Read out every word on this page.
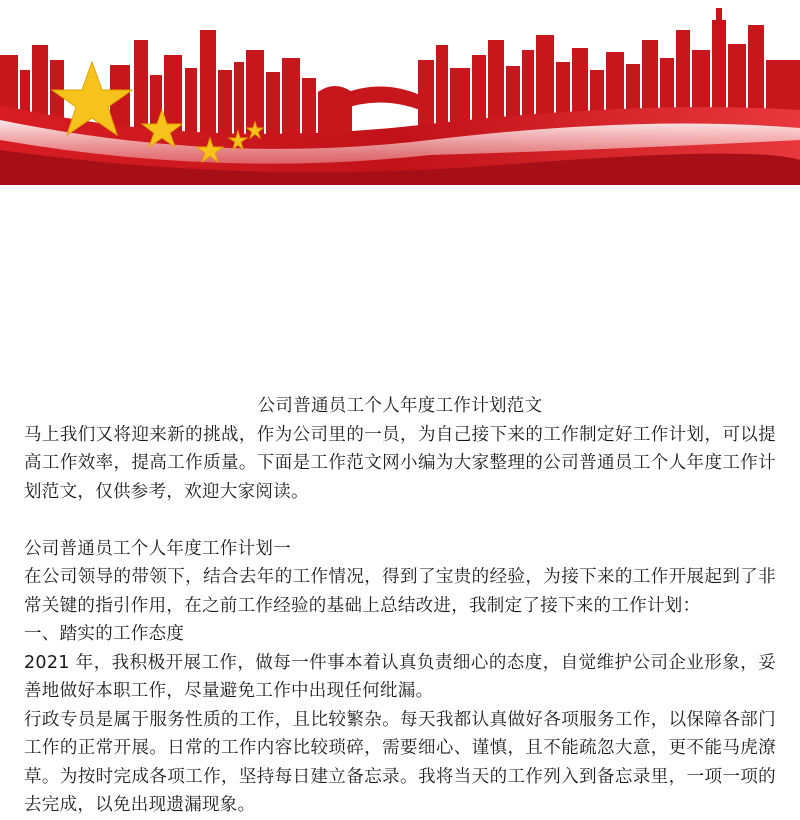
公司普通员工个人年度工作计划范文

马上我们又将迎来新的挑战，作为公司里的一员，为自己接下来的工作制定好工作计划，可以提高工作效率，提高工作质量。下面是工作范文网小编为大家整理的公司普通员工个人年度工作计划范文，仅供参考，欢迎大家阅读。

公司普通员工个人年度工作计划一

在公司领导的带领下，结合去年的工作情况，得到了宝贵的经验，为接下来的工作开展起到了非常关键的指引作用，在之前工作经验的基础上总结改进，我制定了接下来的工作计划：

一、踏实的工作态度

2021 年，我积极开展工作，做每一件事本着认真负责细心的态度，自觉维护公司企业形象，妥善地做好本职工作，尽量避免工作中出现任何纰漏。

行政专员是属于服务性质的工作，且比较繁杂。每天我都认真做好各项服务工作，以保障各部门工作的正常开展。日常的工作内容比较琐碎，需要细心、谨慎，且不能疏忽大意，更不能马虎潦草。为按时完成各项工作，坚持每日建立备忘录。我将当天的工作列入到备忘录里，一项一项的去完成，以免出现遗漏现象。
